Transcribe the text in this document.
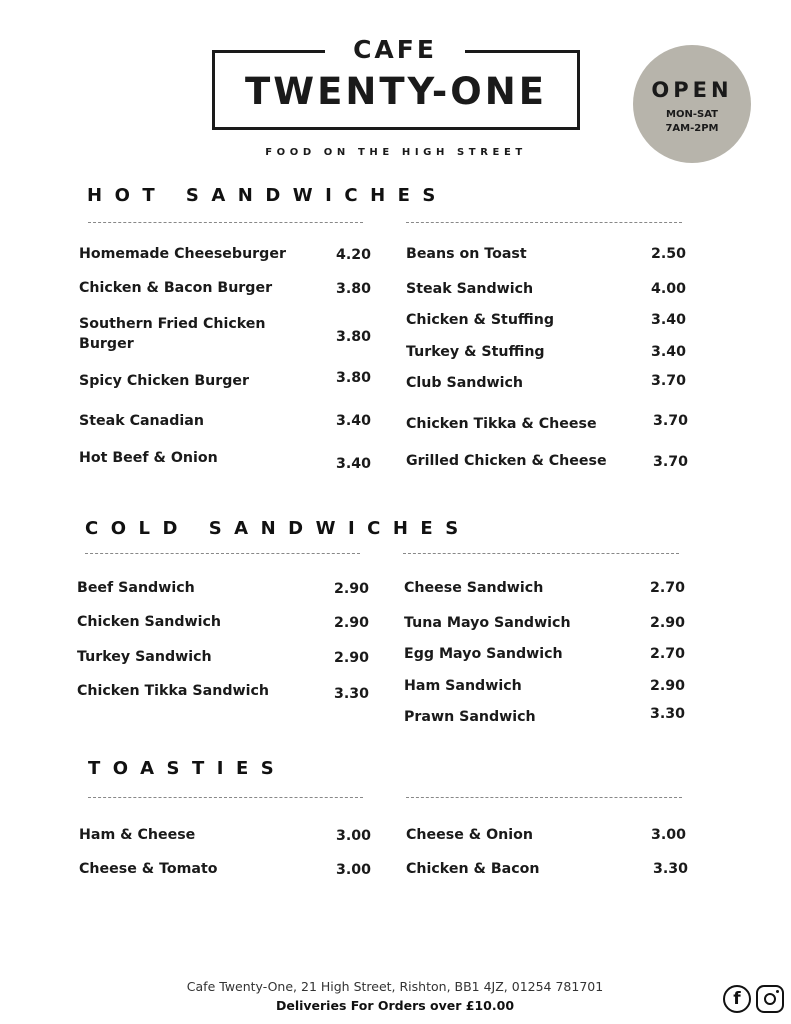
CAFE
TWENTY-ONE
FOOD ON THE HIGH STREET
OPEN
MON-SAT
7AM-2PM
HOT SANDWICHES
Homemade Cheeseburger	4.20
Chicken & Bacon Burger	3.80
Southern Fried Chicken Burger	3.80
Spicy Chicken Burger	3.80
Steak Canadian	3.40
Hot Beef & Onion	3.40
Beans on Toast	2.50
Steak Sandwich	4.00
Chicken & Stuffing	3.40
Turkey & Stuffing	3.40
Club Sandwich	3.70
Chicken Tikka & Cheese	3.70
Grilled Chicken & Cheese	3.70
COLD SANDWICHES
Beef Sandwich	2.90
Chicken Sandwich	2.90
Turkey Sandwich	2.90
Chicken Tikka Sandwich	3.30
Cheese Sandwich	2.70
Tuna Mayo Sandwich	2.90
Egg Mayo Sandwich	2.70
Ham Sandwich	2.90
Prawn Sandwich	3.30
TOASTIES
Ham & Cheese	3.00
Cheese & Tomato	3.00
Cheese & Onion	3.00
Chicken & Bacon	3.30
Cafe Twenty-One, 21 High Street, Rishton, BB1 4JZ, 01254 781701
Deliveries For Orders over £10.00	f
